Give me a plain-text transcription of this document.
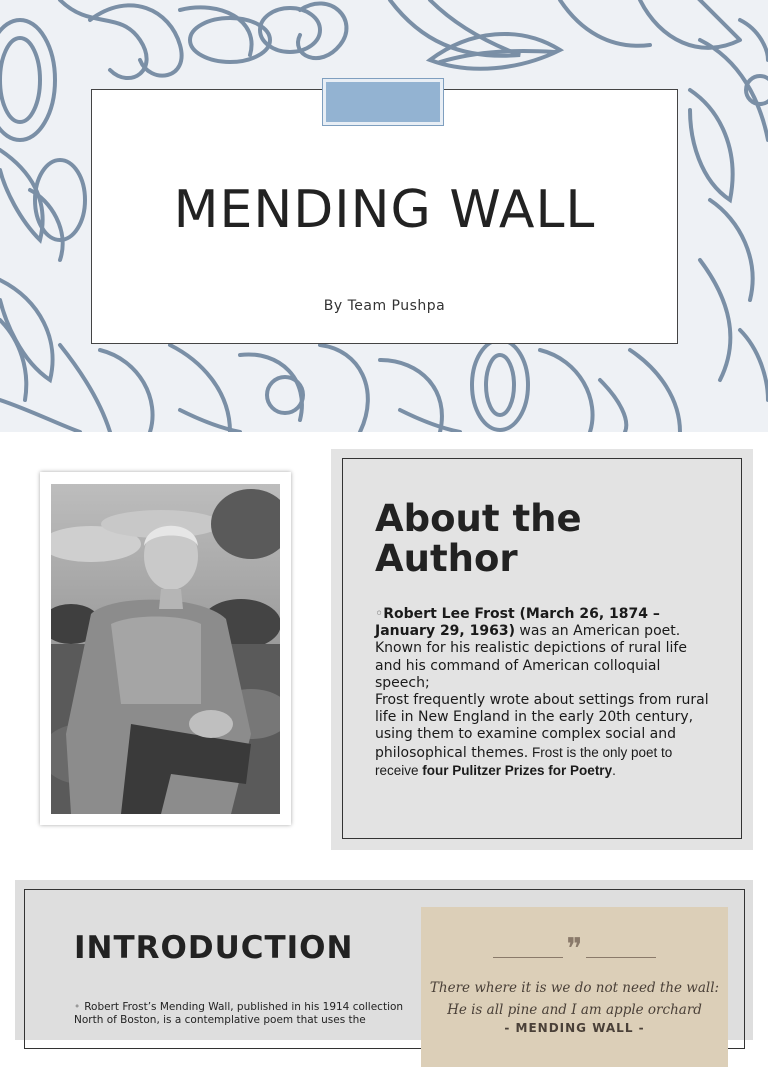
MENDING WALL
By Team Pushpa
About the Author
◦Robert Lee Frost (March 26, 1874 – January 29, 1963) was an American poet. Known for his realistic depictions of rural life and his command of American colloquial speech;
Frost frequently wrote about settings from rural life in New England in the early 20th century, using them to examine complex social and philosophical themes. Frost is the only poet to receive four Pulitzer Prizes for Poetry.
INTRODUCTION
• Robert Frost’s Mending Wall, published in his 1914 collection North of Boston, is a contemplative poem that uses the
❞
There where it is we do not need the wall:
He is all pine and I am apple orchard
- MENDING WALL -
